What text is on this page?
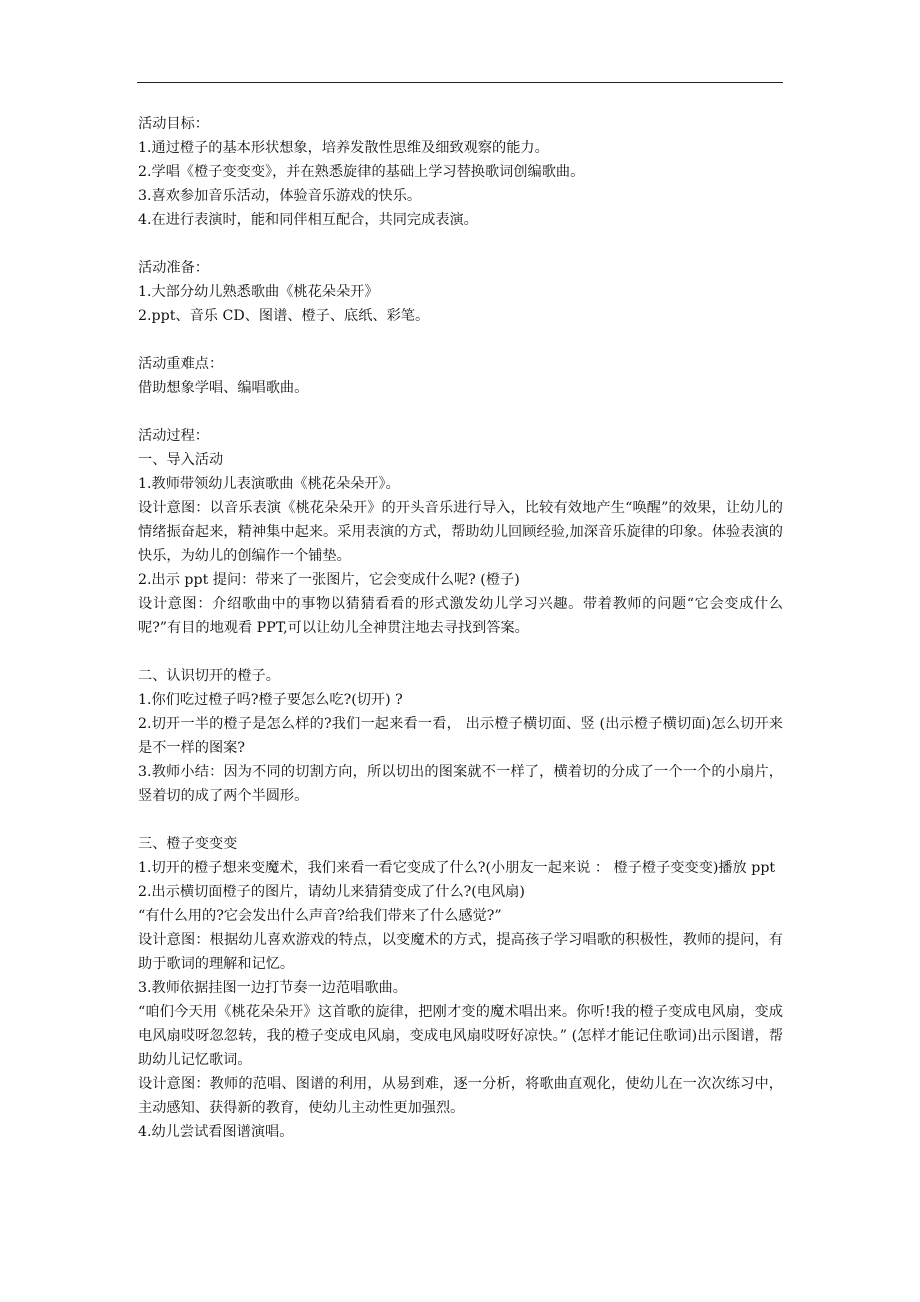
活动目标：
1.通过橙子的基本形状想象，培养发散性思维及细致观察的能力。
2.学唱《橙子变变变》，并在熟悉旋律的基础上学习替换歌词创编歌曲。
3.喜欢参加音乐活动，体验音乐游戏的快乐。
4.在进行表演时，能和同伴相互配合，共同完成表演。
活动准备：
1.大部分幼儿熟悉歌曲《桃花朵朵开》
2.ppt、音乐 CD、图谱、橙子、底纸、彩笔。
活动重难点：
借助想象学唱、编唱歌曲。
活动过程：
一、导入活动
1.教师带领幼儿表演歌曲《桃花朵朵开》。
设计意图：以音乐表演《桃花朵朵开》的开头音乐进行导入，比较有效地产生“唤醒”的效果，让幼儿的情绪振奋起来，精神集中起来。采用表演的方式，帮助幼儿回顾经验,加深音乐旋律的印象。体验表演的快乐，为幼儿的创编作一个铺垫。
2.出示 ppt 提问：带来了一张图片，它会变成什么呢? (橙子)
设计意图：介绍歌曲中的事物以猜猜看看的形式激发幼儿学习兴趣。带着教师的问题“它会变成什么呢?”有目的地观看 PPT,可以让幼儿全神贯注地去寻找到答案。
二、认识切开的橙子。
1.你们吃过橙子吗?橙子要怎么吃?(切开) ?
2.切开一半的橙子是怎么样的?我们一起来看一看， 出示橙子横切面、竖 (出示橙子横切面)怎么切开来是不一样的图案?
3.教师小结：因为不同的切割方向，所以切出的图案就不一样了，横着切的分成了一个一个的小扇片，竖着切的成了两个半圆形。
三、橙子变变变
1.切开的橙子想来变魔术，我们来看一看它变成了什么?(小朋友一起来说 ： 橙子橙子变变变)播放 ppt
2.出示横切面橙子的图片，请幼儿来猜猜变成了什么?(电风扇)
“有什么用的?它会发出什么声音?给我们带来了什么感觉?”
设计意图：根据幼儿喜欢游戏的特点，以变魔术的方式，提高孩子学习唱歌的积极性，教师的提问，有助于歌词的理解和记忆。
3.教师依据挂图一边打节奏一边范唱歌曲。
“咱们今天用《桃花朵朵开》这首歌的旋律，把刚才变的魔术唱出来。你听!我的橙子变成电风扇，变成电风扇哎呀忽忽转，我的橙子变成电风扇，变成电风扇哎呀好凉快。” (怎样才能记住歌词)出示图谱，帮助幼儿记忆歌词。
设计意图：教师的范唱、图谱的利用，从易到难，逐一分析，将歌曲直观化，使幼儿在一次次练习中，主动感知、获得新的教育，使幼儿主动性更加强烈。
4.幼儿尝试看图谱演唱。
